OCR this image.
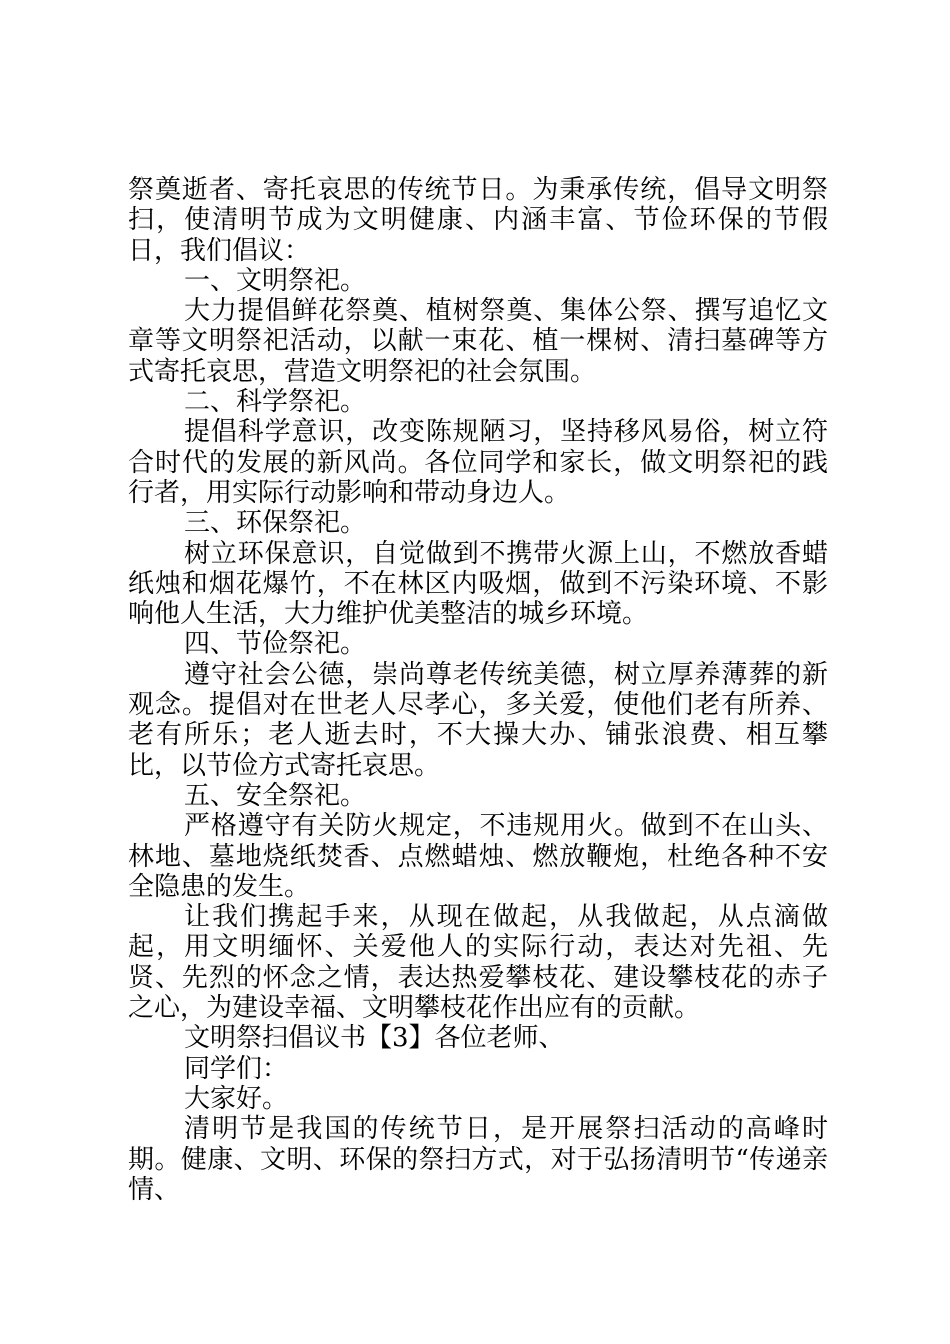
祭奠逝者、寄托哀思的传统节日。为秉承传统，倡导文明祭扫，使清明节成为文明健康、内涵丰富、节俭环保的节假日，我们倡议：

一、文明祭祀。

大力提倡鲜花祭奠、植树祭奠、集体公祭、撰写追忆文章等文明祭祀活动，以献一束花、植一棵树、清扫墓碑等方式寄托哀思，营造文明祭祀的社会氛围。

二、科学祭祀。

提倡科学意识，改变陈规陋习，坚持移风易俗，树立符合时代的发展的新风尚。各位同学和家长，做文明祭祀的践行者，用实际行动影响和带动身边人。

三、环保祭祀。

树立环保意识，自觉做到不携带火源上山，不燃放香蜡纸烛和烟花爆竹，不在林区内吸烟，做到不污染环境、不影响他人生活，大力维护优美整洁的城乡环境。

四、节俭祭祀。

遵守社会公德，崇尚尊老传统美德，树立厚养薄葬的新观念。提倡对在世老人尽孝心，多关爱，使他们老有所养、老有所乐；老人逝去时，不大操大办、铺张浪费、相互攀比，以节俭方式寄托哀思。

五、安全祭祀。

严格遵守有关防火规定，不违规用火。做到不在山头、林地、墓地烧纸焚香、点燃蜡烛、燃放鞭炮，杜绝各种不安全隐患的发生。

让我们携起手来，从现在做起，从我做起，从点滴做起，用文明缅怀、关爱他人的实际行动，表达对先祖、先贤、先烈的怀念之情，表达热爱攀枝花、建设攀枝花的赤子之心，为建设幸福、文明攀枝花作出应有的贡献。

文明祭扫倡议书【3】各位老师、

同学们：

大家好。

清明节是我国的传统节日，是开展祭扫活动的高峰时期。健康、文明、环保的祭扫方式，对于弘扬清明节“传递亲情、
